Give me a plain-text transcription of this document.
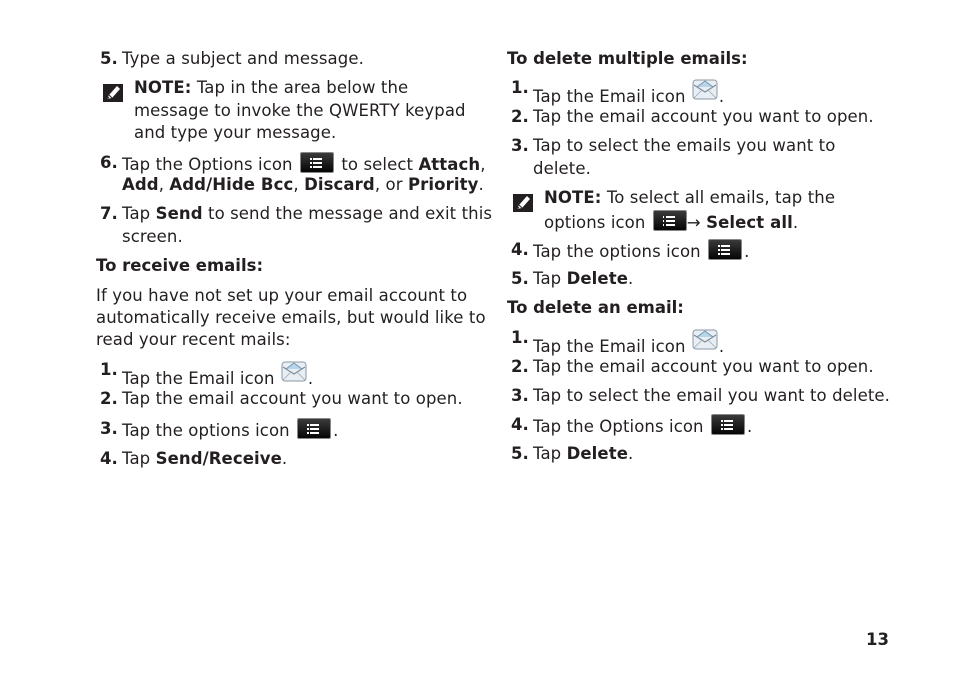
5. Type a subject and message.
NOTE: Tap in the area below the
message to invoke the QWERTY keypad
and type your message.
6. Tap the Options icon	to select Attach,
Add, Add/Hide Bcc, Discard, or Priority.
7. Tap Send to send the message and exit this
screen.
To receive emails:
If you have not set up your email account to
automatically receive emails, but would like to
read your recent mails:
1. Tap the Email icon .
2. Tap the email account you want to open.
3. Tap the options icon	.
4. Tap Send/Receive.
To delete multiple emails:
1. Tap the Email icon .
2. Tap the email account you want to open.
3. Tap to select the emails you want to
delete.
NOTE: To select all emails, tap the
options icon	→ Select all.
4. Tap the options icon	.
5. Tap Delete.
To delete an email:
1. Tap the Email icon .
2. Tap the email account you want to open.
3. Tap to select the email you want to delete.
4. Tap the Options icon	.
5. Tap Delete.
13
